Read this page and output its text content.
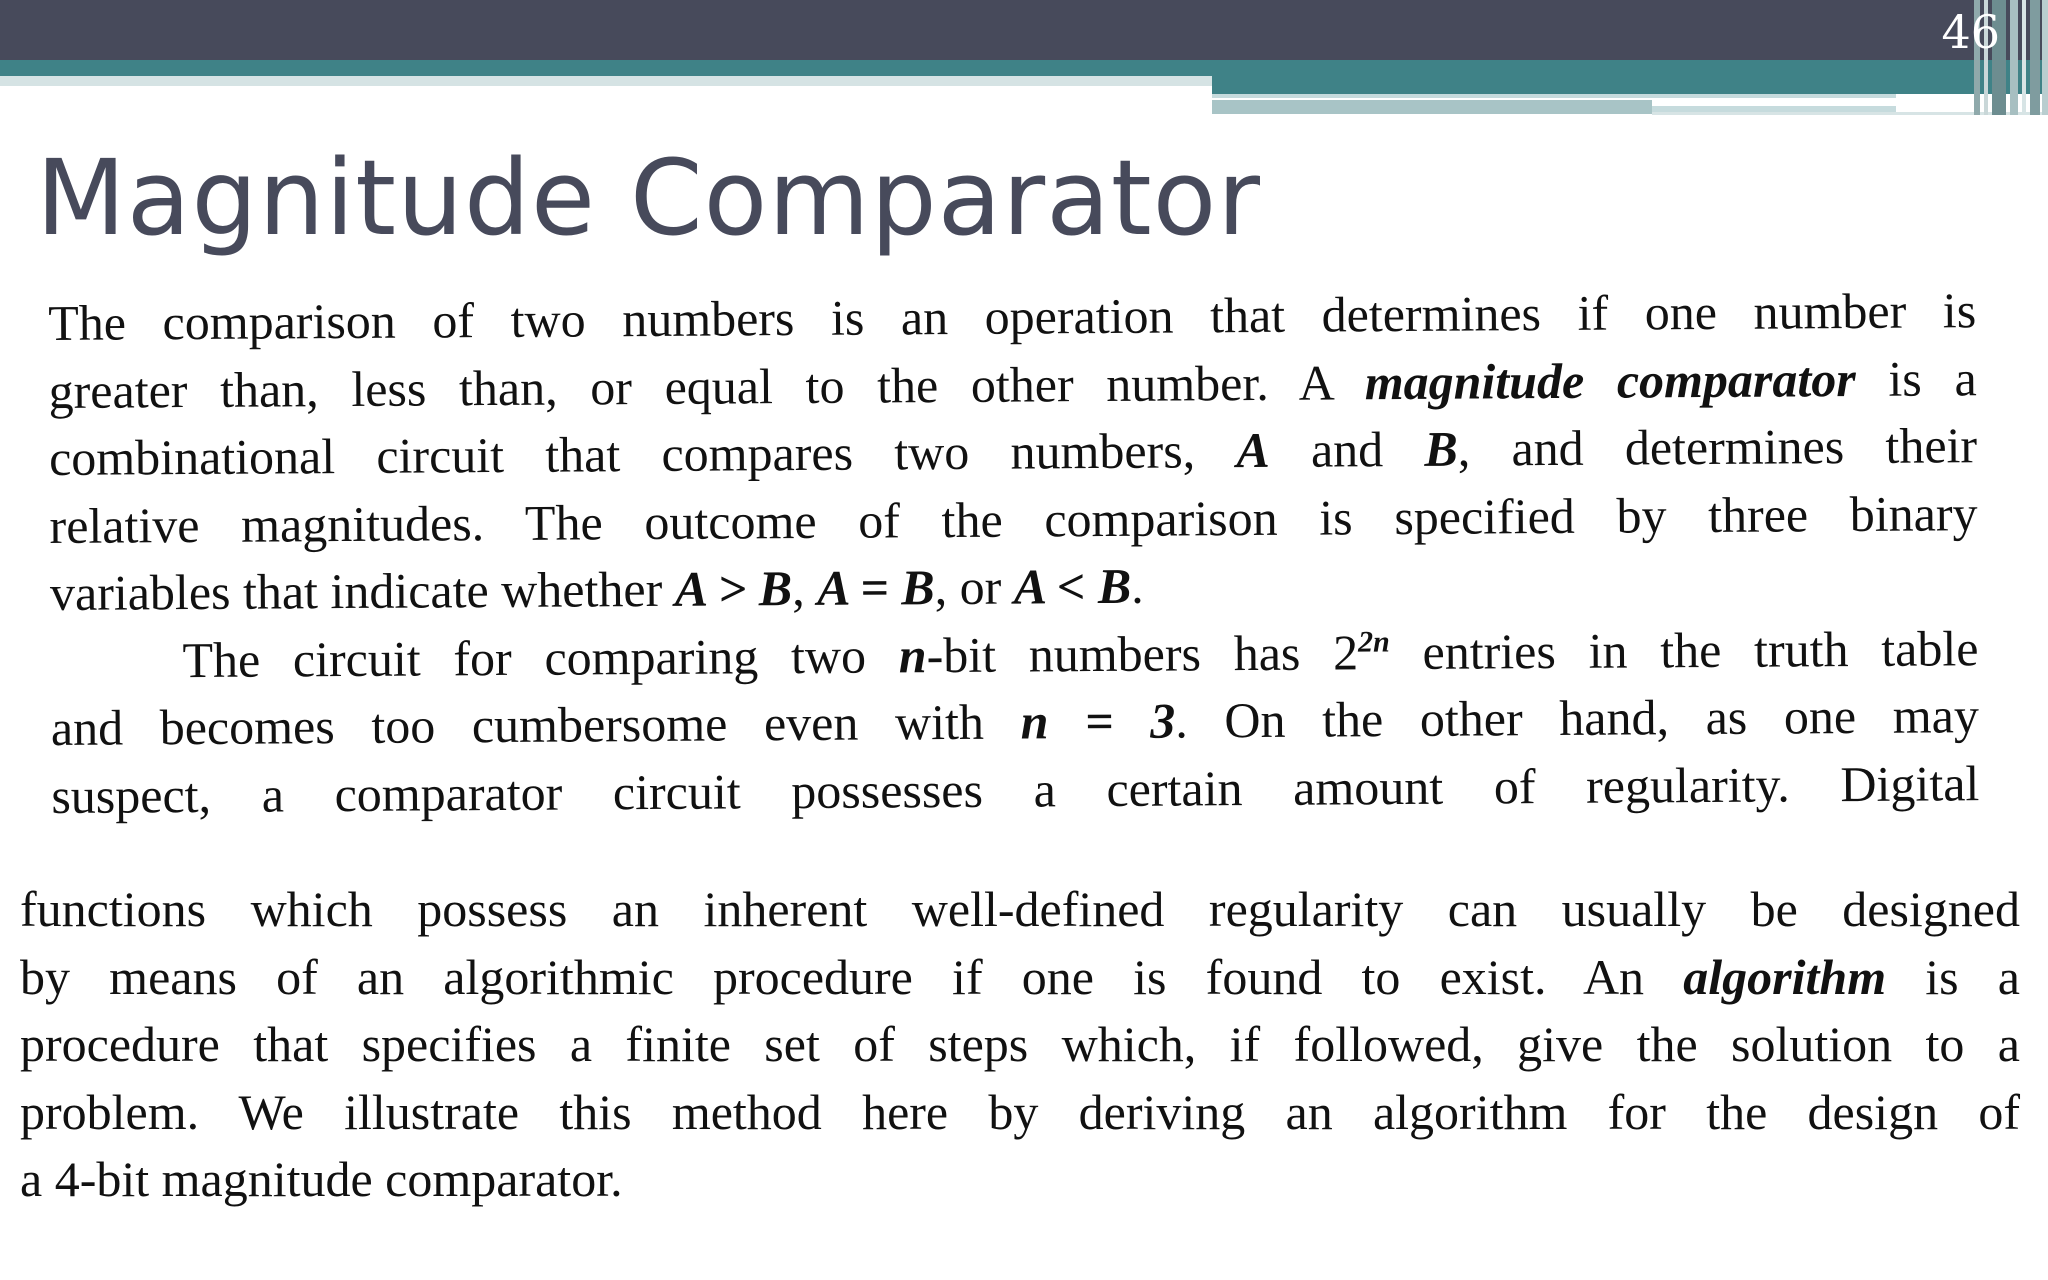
46
Magnitude Comparator
The comparison of two numbers is an operation that determines if one number is
greater than, less than, or equal to the other number. A magnitude comparator is a
combinational circuit that compares two numbers, A and B, and determines their
relative magnitudes. The outcome of the comparison is specified by three binary
variables that indicate whether A > B, A = B, or A < B.
The circuit for comparing two n-bit numbers has $2^{2n}$ entries in the truth table
and becomes too cumbersome even with n = 3. On the other hand, as one may
suspect, a comparator circuit possesses a certain amount of regularity. Digital
functions which possess an inherent well-defined regularity can usually be designed
by means of an algorithmic procedure if one is found to exist. An algorithm is a
procedure that specifies a finite set of steps which, if followed, give the solution to a
problem. We illustrate this method here by deriving an algorithm for the design of
a 4-bit magnitude comparator.
